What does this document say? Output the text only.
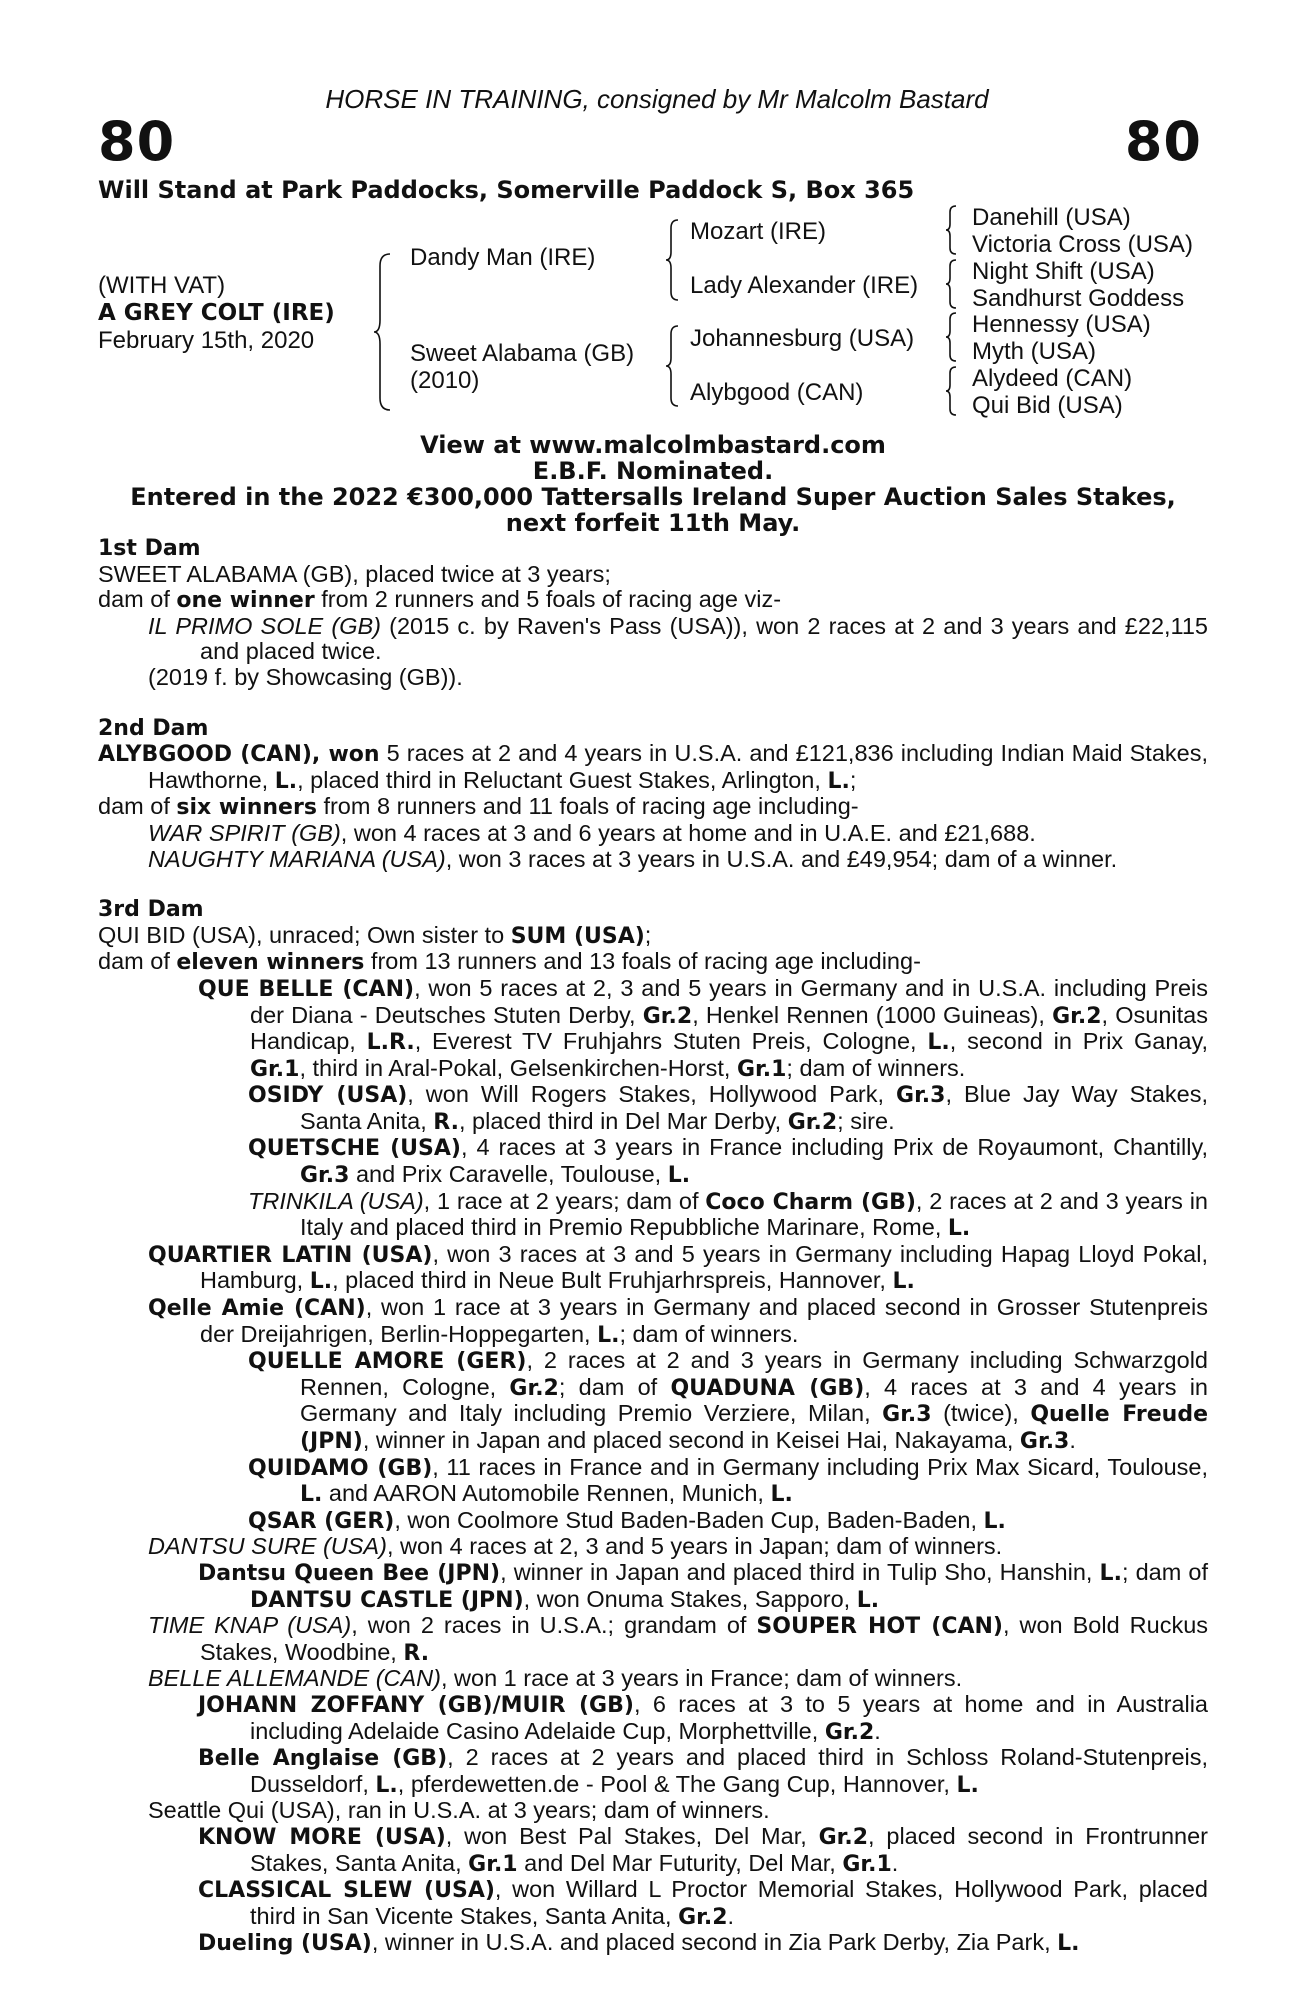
HORSE IN TRAINING, consigned by Mr Malcolm Bastard
80	80
Will Stand at Park Paddocks, Somerville Paddock S, Box 365
(WITH VAT)
A GREY COLT (IRE)
February 15th, 2020
Dandy Man (IRE)
Sweet Alabama (GB)
(2010)
Mozart (IRE)
Lady Alexander (IRE)
Johannesburg (USA)
Alybgood (CAN)
Danehill (USA)
Victoria Cross (USA)
Night Shift (USA)
Sandhurst Goddess
Hennessy (USA)
Myth (USA)
Alydeed (CAN)
Qui Bid (USA)
View at www.malcolmbastard.com
E.B.F. Nominated.
Entered in the 2022 €300,000 Tattersalls Ireland Super Auction Sales Stakes,
next forfeit 11th May.

1st Dam

SWEET ALABAMA (GB), placed twice at 3 years;

dam of one winner from 2 runners and 5 foals of racing age viz-

IL PRIMO SOLE (GB) (2015 c. by Raven's Pass (USA)), won 2 races at 2 and 3 years and £22,115 and placed twice.

(2019 f. by Showcasing (GB)).

2nd Dam

ALYBGOOD (CAN), won 5 races at 2 and 4 years in U.S.A. and £121,836 including Indian Maid Stakes, Hawthorne, L., placed third in Reluctant Guest Stakes, Arlington, L.;

dam of six winners from 8 runners and 11 foals of racing age including-

WAR SPIRIT (GB), won 4 races at 3 and 6 years at home and in U.A.E. and £21,688.

NAUGHTY MARIANA (USA), won 3 races at 3 years in U.S.A. and £49,954; dam of a winner.

3rd Dam

QUI BID (USA), unraced; Own sister to SUM (USA);

dam of eleven winners from 13 runners and 13 foals of racing age including-

QUE BELLE (CAN), won 5 races at 2, 3 and 5 years in Germany and in U.S.A. including Preis der Diana - Deutsches Stuten Derby, Gr.2, Henkel Rennen (1000 Guineas), Gr.2, Osunitas Handicap, L.R., Everest TV Fruhjahrs Stuten Preis, Cologne, L., second in Prix Ganay, Gr.1, third in Aral-Pokal, Gelsenkirchen-Horst, Gr.1; dam of winners.

OSIDY (USA), won Will Rogers Stakes, Hollywood Park, Gr.3, Blue Jay Way Stakes, Santa Anita, R., placed third in Del Mar Derby, Gr.2; sire.

QUETSCHE (USA), 4 races at 3 years in France including Prix de Royaumont, Chantilly, Gr.3 and Prix Caravelle, Toulouse, L.

TRINKILA (USA), 1 race at 2 years; dam of Coco Charm (GB), 2 races at 2 and 3 years in Italy and placed third in Premio Repubbliche Marinare, Rome, L.

QUARTIER LATIN (USA), won 3 races at 3 and 5 years in Germany including Hapag Lloyd Pokal, Hamburg, L., placed third in Neue Bult Fruhjarhrspreis, Hannover, L.

Qelle Amie (CAN), won 1 race at 3 years in Germany and placed second in Grosser Stutenpreis der Dreijahrigen, Berlin-Hoppegarten, L.; dam of winners.

QUELLE AMORE (GER), 2 races at 2 and 3 years in Germany including Schwarzgold Rennen, Cologne, Gr.2; dam of QUADUNA (GB), 4 races at 3 and 4 years in Germany and Italy including Premio Verziere, Milan, Gr.3 (twice), Quelle Freude (JPN), winner in Japan and placed second in Keisei Hai, Nakayama, Gr.3.

QUIDAMO (GB), 11 races in France and in Germany including Prix Max Sicard, Toulouse, L. and AARON Automobile Rennen, Munich, L.

QSAR (GER), won Coolmore Stud Baden-Baden Cup, Baden-Baden, L.

DANTSU SURE (USA), won 4 races at 2, 3 and 5 years in Japan; dam of winners.

Dantsu Queen Bee (JPN), winner in Japan and placed third in Tulip Sho, Hanshin, L.; dam of DANTSU CASTLE (JPN), won Onuma Stakes, Sapporo, L.

TIME KNAP (USA), won 2 races in U.S.A.; grandam of SOUPER HOT (CAN), won Bold Ruckus Stakes, Woodbine, R.

BELLE ALLEMANDE (CAN), won 1 race at 3 years in France; dam of winners.

JOHANN ZOFFANY (GB)/MUIR (GB), 6 races at 3 to 5 years at home and in Australia including Adelaide Casino Adelaide Cup, Morphettville, Gr.2.

Belle Anglaise (GB), 2 races at 2 years and placed third in Schloss Roland-Stutenpreis, Dusseldorf, L., pferdewetten.de - Pool & The Gang Cup, Hannover, L.

Seattle Qui (USA), ran in U.S.A. at 3 years; dam of winners.

KNOW MORE (USA), won Best Pal Stakes, Del Mar, Gr.2, placed second in Frontrunner Stakes, Santa Anita, Gr.1 and Del Mar Futurity, Del Mar, Gr.1.

CLASSICAL SLEW (USA), won Willard L Proctor Memorial Stakes, Hollywood Park, placed third in San Vicente Stakes, Santa Anita, Gr.2.

Dueling (USA), winner in U.S.A. and placed second in Zia Park Derby, Zia Park, L.
